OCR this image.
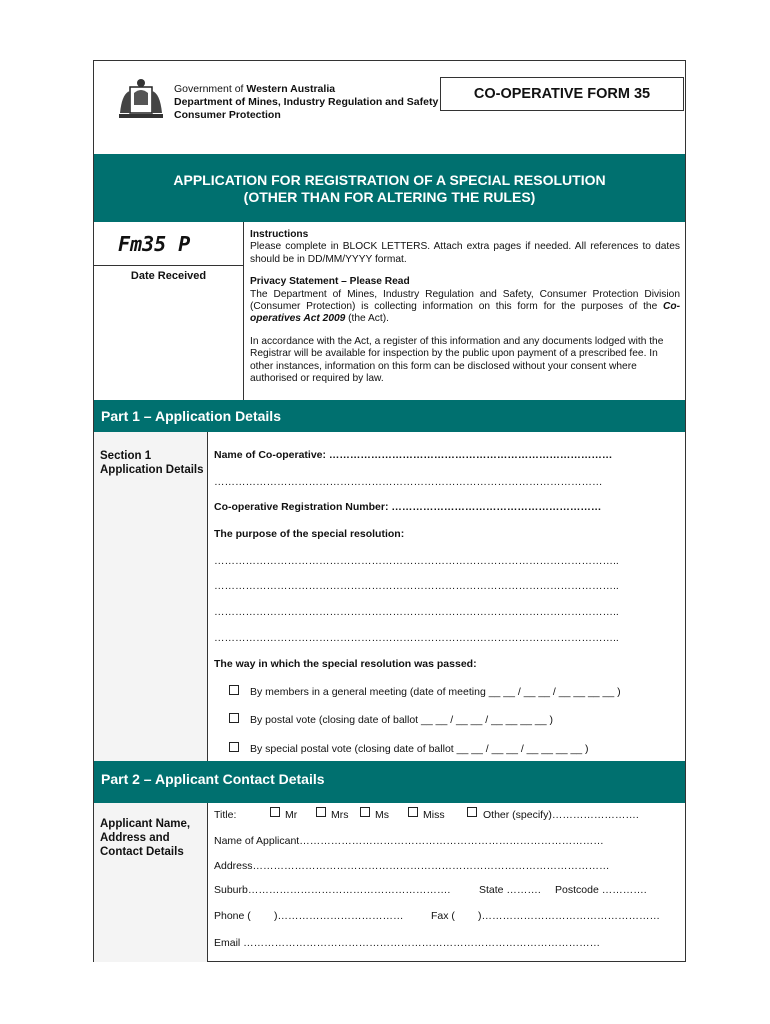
Government of Western Australia
Department of Mines, Industry Regulation and Safety
Consumer Protection
CO-OPERATIVE FORM 35
APPLICATION FOR REGISTRATION OF A SPECIAL RESOLUTION
(OTHER THAN FOR ALTERING THE RULES)
Fm35 P
Date Received

Instructions

Please complete in BLOCK LETTERS. Attach extra pages if needed. All references to dates should be in DD/MM/YYYY format.

Privacy Statement – Please Read

The Department of Mines, Industry Regulation and Safety, Consumer Protection Division (Consumer Protection) is collecting information on this form for the purposes of the Co-operatives Act 2009 (the Act).

In accordance with the Act, a register of this information and any documents lodged with the Registrar will be available for inspection by the public upon payment of a prescribed fee. In other instances, information on this form can be disclosed without your consent where authorised or required by law.

Part 1 – Application Details
Section 1 Application Details
Name of Co-operative: ………………………………………………………………………
…………………………………………………………………………………………………
Co-operative Registration Number: ……………………………………………………
The purpose of the special resolution:
……………………………………………………………………………………………………..
……………………………………………………………………………………………………..
……………………………………………………………………………………………………..
……………………………………………………………………………………………………..
The way in which the special resolution was passed:
By members in a general meeting (date of meeting __ __ / __ __ / __ __ __ __ )
By postal vote (closing date of ballot __ __ / __ __ / __ __ __ __ )
By special postal vote (closing date of ballot __ __ / __ __ / __ __ __ __ )
Part 2 – Applicant Contact Details
Applicant Name, Address and Contact Details
Title:	Mr	Mrs	Ms	Miss	Other (specify)…………………….
Name of Applicant……………………………………………………………………………
Address…………………………………………………………………………………………
Suburb………………………………………………….	State ………. Postcode ………….
Phone ( )………………………………	Fax ( )……………………………………………
Email …………………………………………………………………………………………
